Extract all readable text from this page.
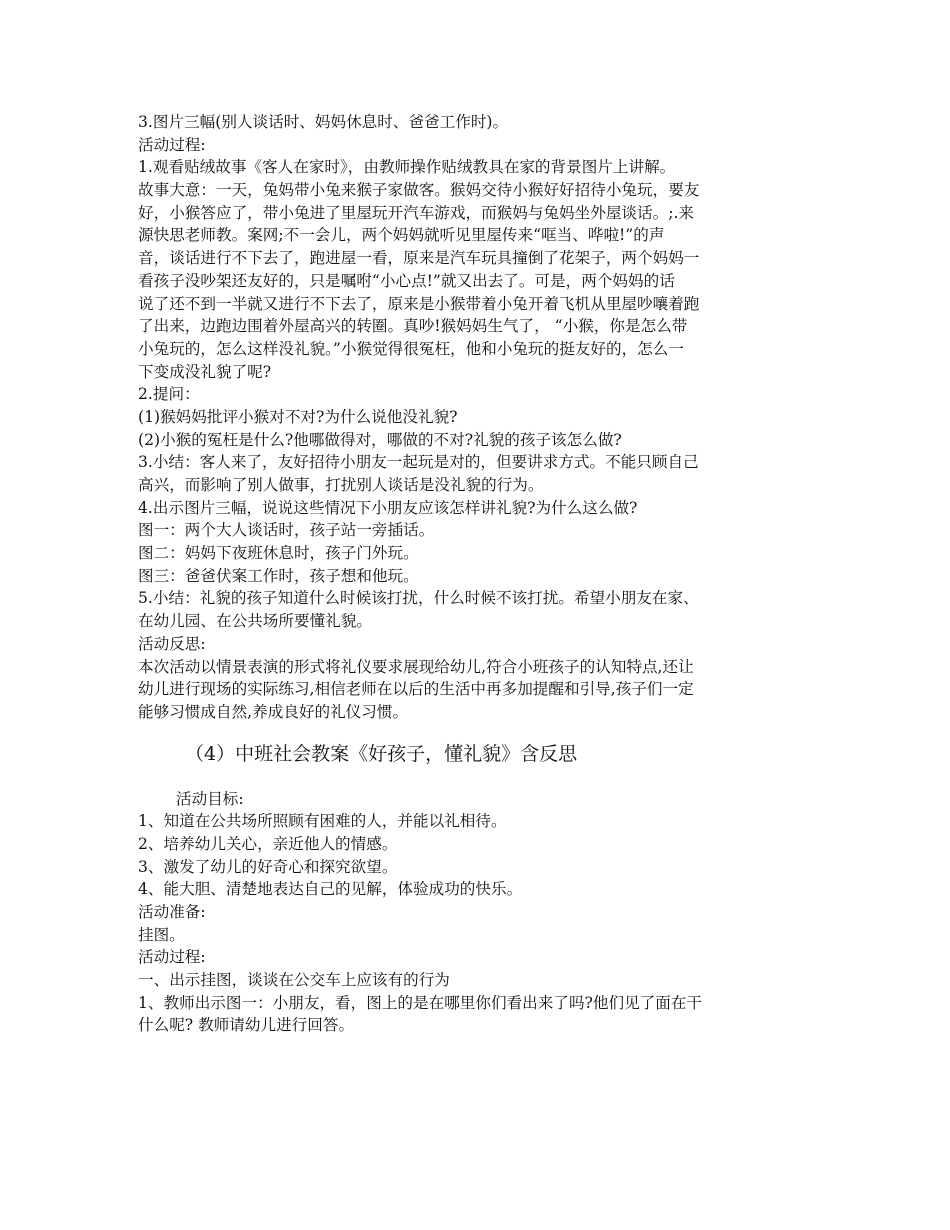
3.图片三幅(别人谈话时、妈妈休息时、爸爸工作时)。
活动过程:
1.观看贴绒故事《客人在家时》，由教师操作贴绒教具在家的背景图片上讲解。
故事大意：一天，兔妈带小兔来猴子家做客。猴妈交待小猴好好招待小兔玩，要友
好，小猴答应了，带小兔进了里屋玩开汽车游戏，而猴妈与兔妈坐外屋谈话。;.来
源快思老师教。案网;不一会儿，两个妈妈就听见里屋传来“哐当、哗啦!”的声
音，谈话进行不下去了，跑进屋一看，原来是汽车玩具撞倒了花架子，两个妈妈一
看孩子没吵架还友好的，只是嘱咐“小心点!”就又出去了。可是，两个妈妈的话
说了还不到一半就又进行不下去了，原来是小猴带着小兔开着飞机从里屋吵嚷着跑
了出来，边跑边围着外屋高兴的转圈。真吵!猴妈妈生气了， “小猴，你是怎么带
小兔玩的，怎么这样没礼貌。”小猴觉得很冤枉，他和小兔玩的挺友好的，怎么一
下变成没礼貌了呢?
2.提问：
(1)猴妈妈批评小猴对不对?为什么说他没礼貌?
(2)小猴的冤枉是什么?他哪做得对，哪做的不对?礼貌的孩子该怎么做?
3.小结：客人来了，友好招待小朋友一起玩是对的，但要讲求方式。不能只顾自己
高兴，而影响了别人做事，打扰别人谈话是没礼貌的行为。
4.出示图片三幅，说说这些情况下小朋友应该怎样讲礼貌?为什么这么做?
图一：两个大人谈话时，孩子站一旁插话。
图二：妈妈下夜班休息时，孩子门外玩。
图三：爸爸伏案工作时，孩子想和他玩。
5.小结：礼貌的孩子知道什么时候该打扰，什么时候不该打扰。希望小朋友在家、
在幼儿园、在公共场所要懂礼貌。
活动反思:
本次活动以情景表演的形式将礼仪要求展现给幼儿,符合小班孩子的认知特点,还让
幼儿进行现场的实际练习,相信老师在以后的生活中再多加提醒和引导,孩子们一定
能够习惯成自然,养成良好的礼仪习惯。
（4）中班社会教案《好孩子，懂礼貌》含反思
活动目标:
1、知道在公共场所照顾有困难的人，并能以礼相待。
2、培养幼儿关心，亲近他人的情感。
3、激发了幼儿的好奇心和探究欲望。
4、能大胆、清楚地表达自己的见解，体验成功的快乐。
活动准备:
挂图。
活动过程:
一、出示挂图，谈谈在公交车上应该有的行为
1、教师出示图一：小朋友，看，图上的是在哪里你们看出来了吗?他们见了面在干
什么呢? 教师请幼儿进行回答。
